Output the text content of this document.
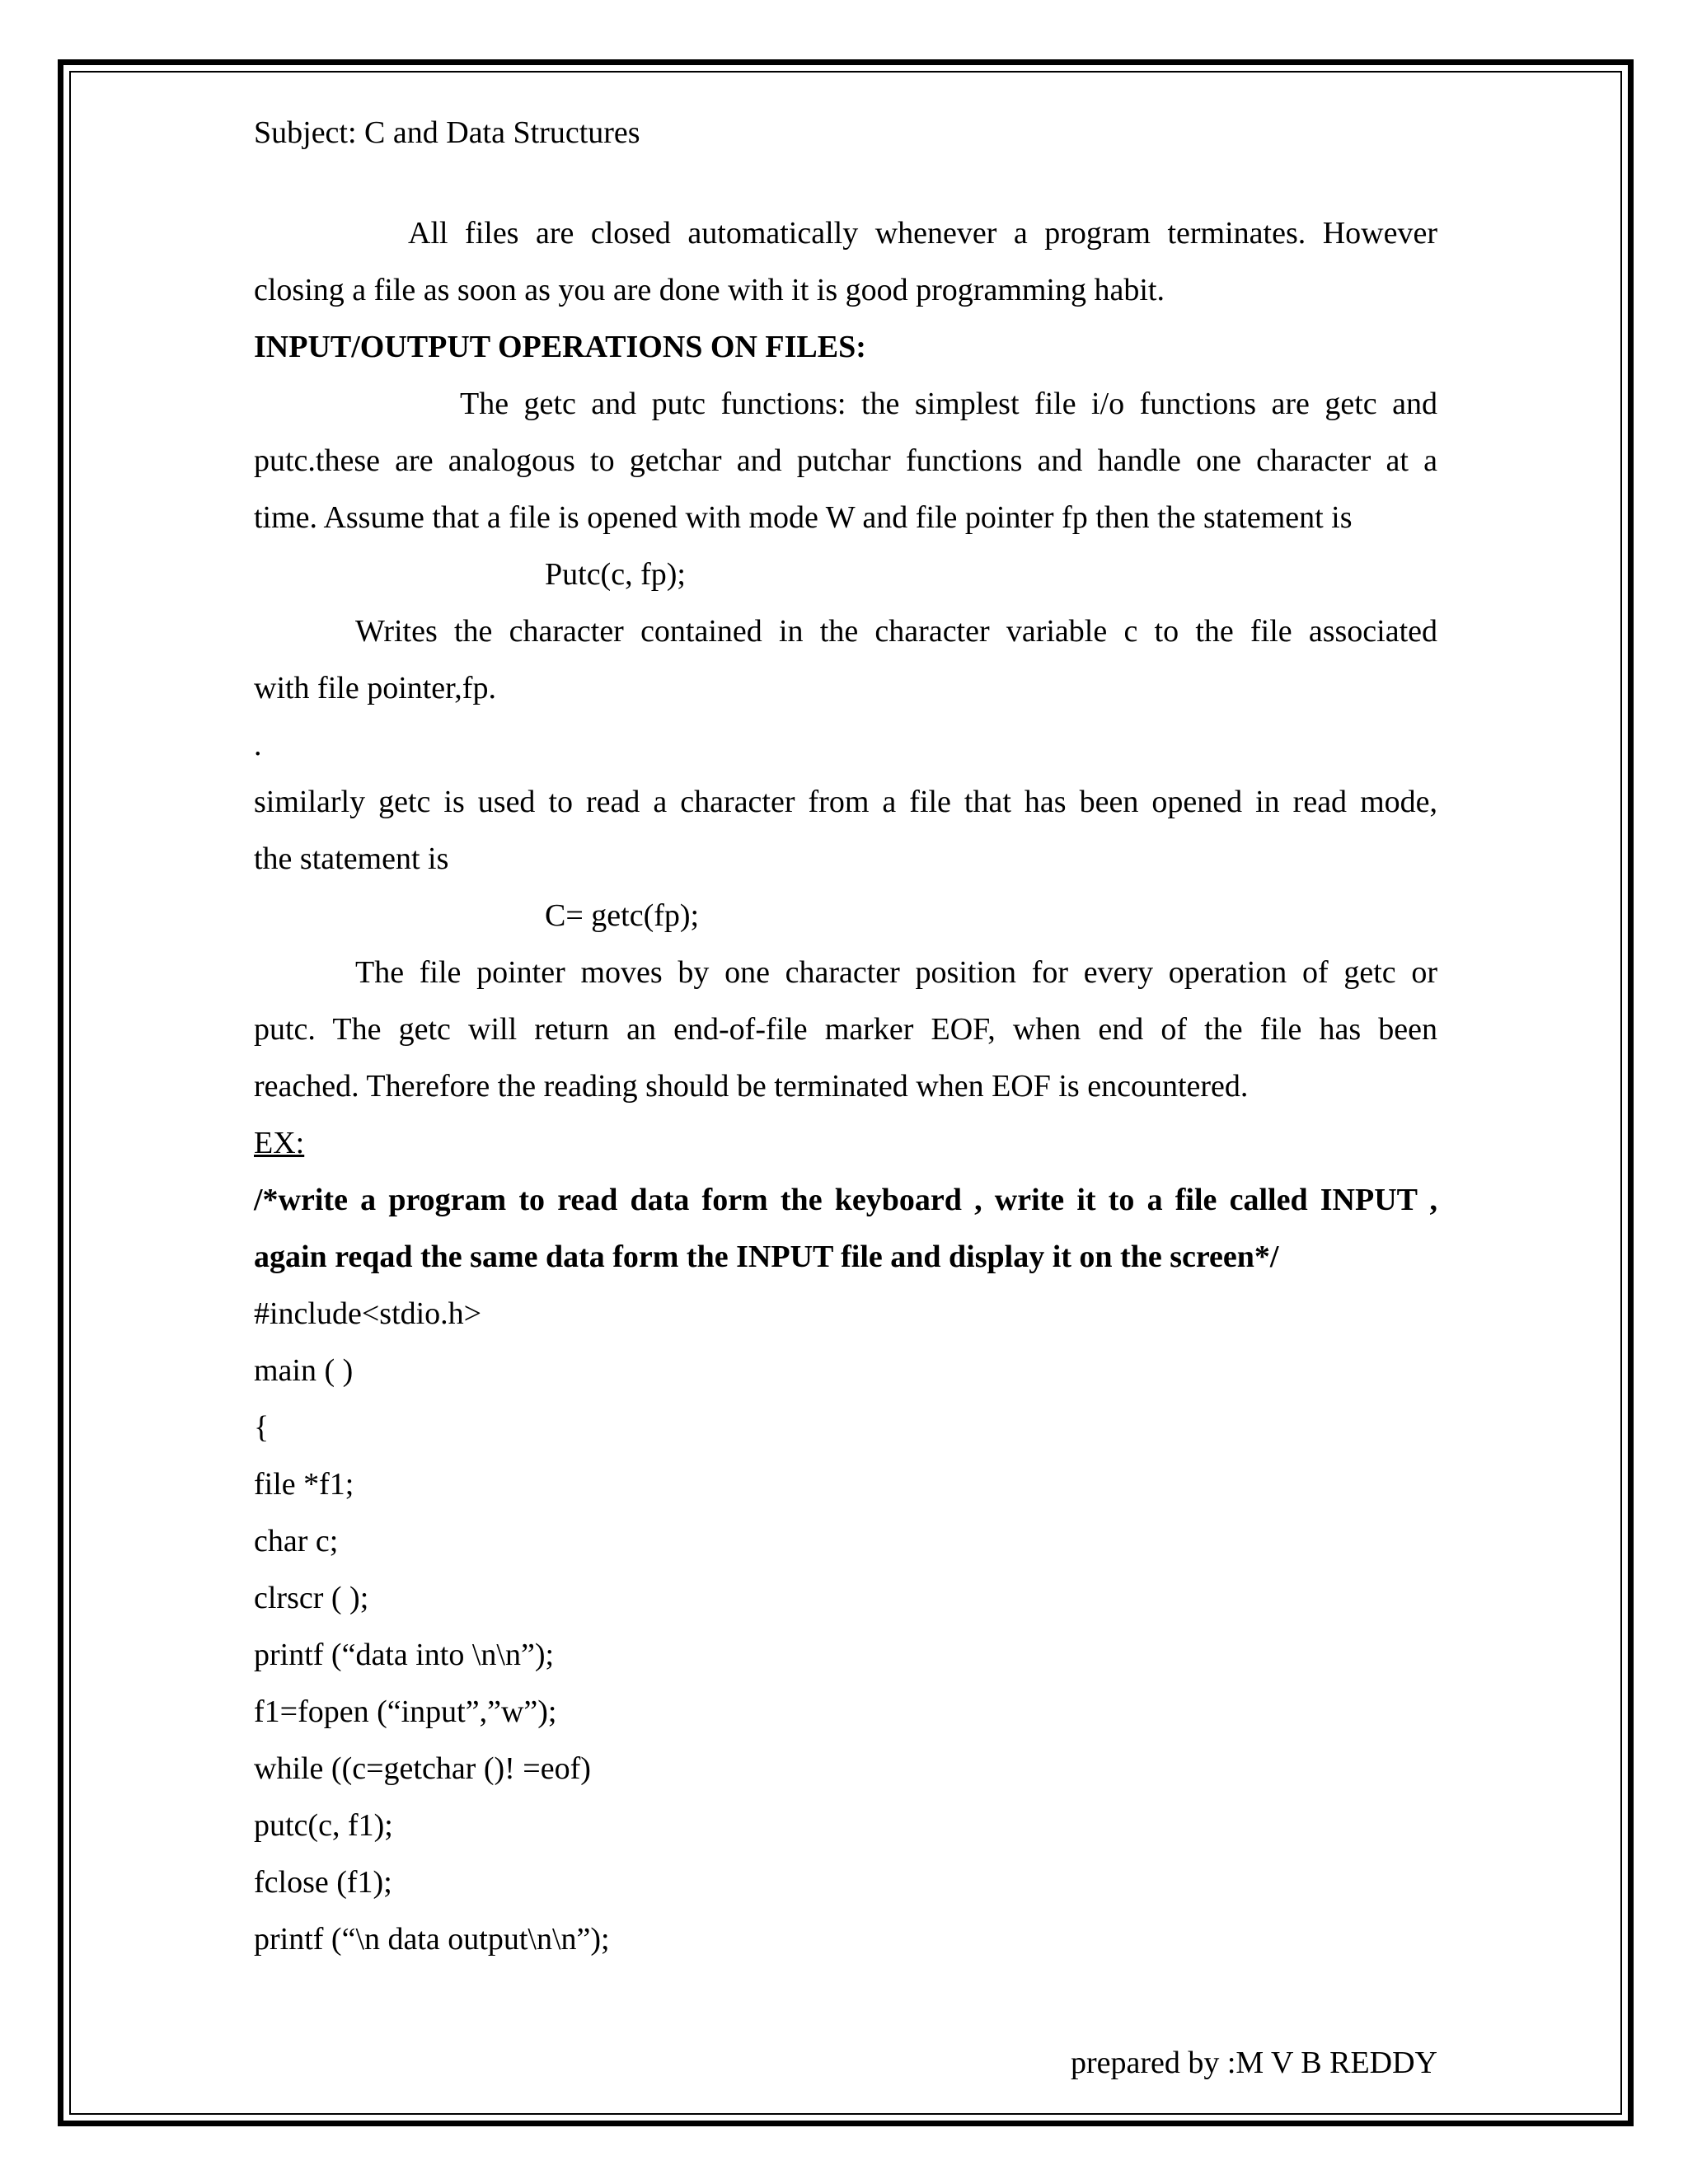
Subject: C and Data Structures
All files are closed automatically whenever a program terminates. However
closing a file as soon as you are done with it is good programming habit.
INPUT/OUTPUT OPERATIONS ON FILES:
The getc and putc functions: the simplest file i/o functions are getc and
putc.these are analogous to getchar and putchar functions and handle one character at a
time. Assume that a file is opened with mode W and file pointer fp then the statement is
Putc(c, fp);
Writes the character contained in the character variable c to the file associated
with file pointer,fp.
.
similarly getc is used to read a character from a file that has been opened in read mode,
the statement is
C= getc(fp);
The file pointer moves by one character position for every operation of getc or
putc. The getc will return an end-of-file marker EOF, when end of the file has been
reached. Therefore the reading should be terminated when EOF is encountered.
EX:
/*write a program to read data form the keyboard , write it to a file called INPUT ,
again reqad the same data form the INPUT file and display it on the screen*/
#include<stdio.h>
main ( )
{
file *f1;
char c;
clrscr ( );
printf (“data into \n\n”);
f1=fopen (“input”,”w”);
while ((c=getchar ()! =eof)
putc(c, f1);
fclose (f1);
printf (“\n data output\n\n”);
prepared by :M V B REDDY
